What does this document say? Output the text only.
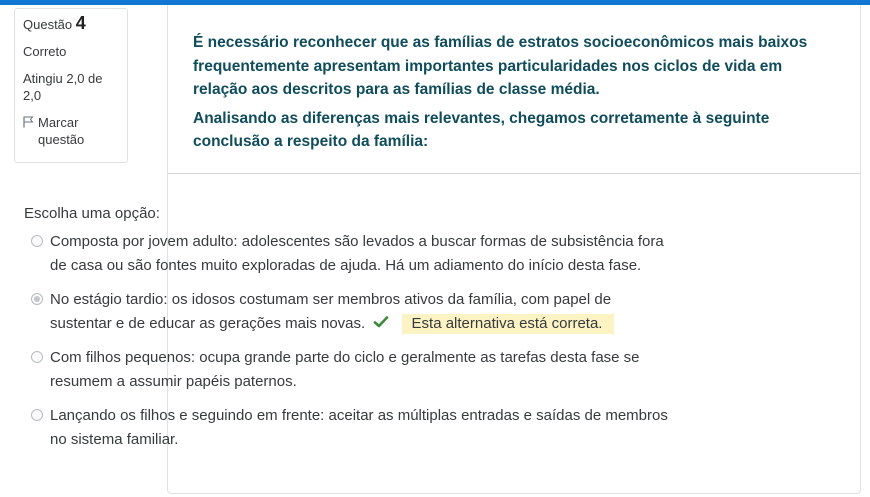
Questão 4
Correto
Atingiu 2,0 de 2,0
Marcar questão

É necessário reconhecer que as famílias de estratos socioeconômicos mais baixos frequentemente apresentam importantes particularidades nos ciclos de vida em relação aos descritos para as famílias de classe média.

Analisando as diferenças mais relevantes, chegamos corretamente à seguinte conclusão a respeito da família:

Escolha uma opção:
Composta por jovem adulto: adolescentes são levados a buscar formas de subsistência fora de casa ou são fontes muito exploradas de ajuda. Há um adiamento do início desta fase.
No estágio tardio: os idosos costumam ser membros ativos da família, com papel de sustentar e de educar as gerações mais novas.	Esta alternativa está correta.
Com filhos pequenos: ocupa grande parte do ciclo e geralmente as tarefas desta fase se resumem a assumir papéis paternos.
Lançando os filhos e seguindo em frente: aceitar as múltiplas entradas e saídas de membros no sistema familiar.
